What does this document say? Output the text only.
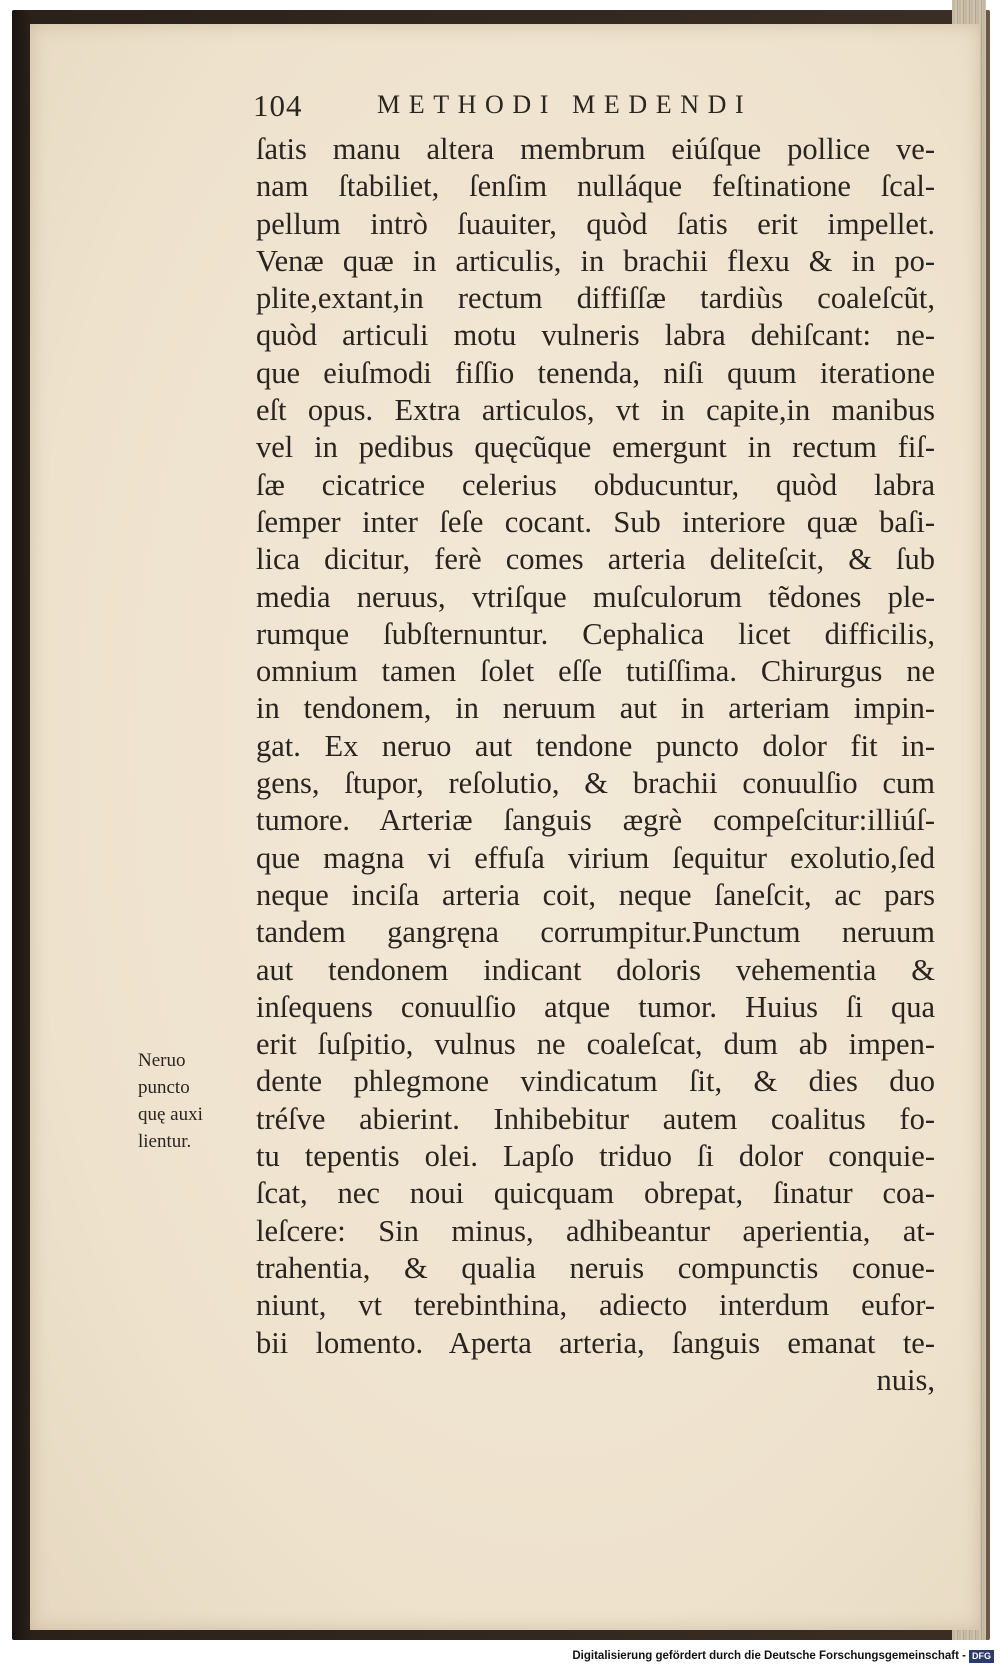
104	METHODI MEDENDI
ſatis manu altera membrum eiúſque pollice ve-
nam ſtabiliet, ſenſim nulláque feſtinatione ſcal-
pellum intrò ſuauiter, quòd ſatis erit impellet.
Venæ quæ in articulis, in brachii flexu & in po-
plite,extant,in rectum diffiſſæ tardiùs coaleſcũt,
quòd articuli motu vulneris labra dehiſcant: ne-
que eiuſmodi fiſſio tenenda, niſi quum iteratione
eſt opus. Extra articulos, vt in capite,in manibus
vel in pedibus quęcũque emergunt in rectum fiſ-
ſæ cicatrice celerius obducuntur, quòd labra
ſemper inter ſeſe cocant. Sub interiore quæ baſi-
lica dicitur, ferè comes arteria deliteſcit, & ſub
media neruus, vtriſque muſculorum tẽdones ple-
rumque ſubſternuntur. Cephalica licet difficilis,
omnium tamen ſolet eſſe tutiſſima. Chirurgus ne
in tendonem, in neruum aut in arteriam impin-
gat. Ex neruo aut tendone puncto dolor fit in-
gens, ſtupor, reſolutio, & brachii conuulſio cum
tumore. Arteriæ ſanguis ægrè compeſcitur:illiúſ-
que magna vi effuſa virium ſequitur exolutio,ſed
neque inciſa arteria coit, neque ſaneſcit, ac pars
tandem gangręna corrumpitur.Punctum neruum
aut tendonem indicant doloris vehementia &
inſequens conuulſio atque tumor. Huius ſi qua
erit ſuſpitio, vulnus ne coaleſcat, dum ab impen-
dente phlegmone vindicatum ſit, & dies duo
tréſve abierint. Inhibebitur autem coalitus fo-
tu tepentis olei. Lapſo triduo ſi dolor conquie-
ſcat, nec noui quicquam obrepat, ſinatur coa-
leſcere: Sin minus, adhibeantur aperientia, at-
trahentia, & qualia neruis compunctis conue-
niunt, vt terebinthina, adiecto interdum eufor-
bii lomento. Aperta arteria, ſanguis emanat te-
nuis,
Neruo
puncto
quę auxi
lientur.
Digitalisierung gefördert durch die Deutsche Forschungsgemeinschaft - DFG
